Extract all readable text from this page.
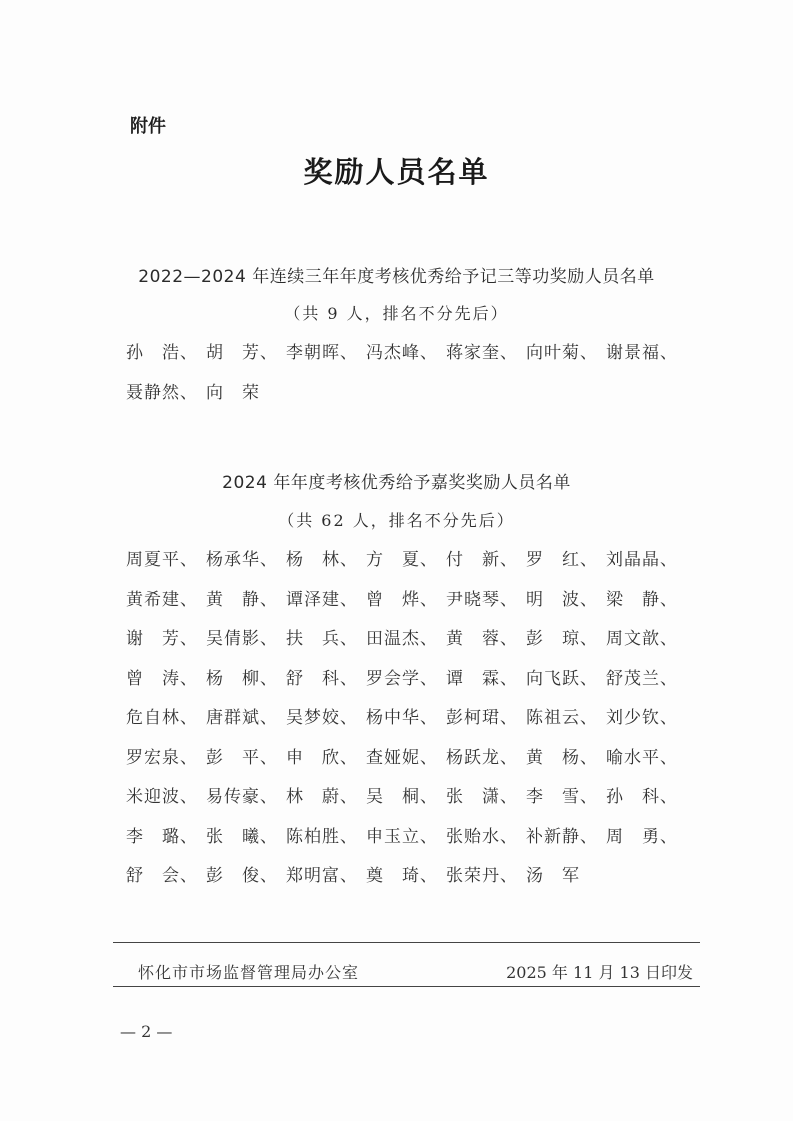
附件
奖励人员名单
2022—2024 年连续三年年度考核优秀给予记三等功奖励人员名单
（共 9 人，排名不分先后）
孙　浩、 胡　芳、 李朝晖、 冯杰峰、 蒋家奎、 向叶菊、 谢景福、
聂静然、 向　荣
2024 年年度考核优秀给予嘉奖奖励人员名单
（共 62 人，排名不分先后）
周夏平、 杨承华、 杨　林、 方　夏、 付　新、 罗　红、 刘晶晶、
黄希建、 黄　静、 谭泽建、 曾　烨、 尹晓琴、 明　波、 梁　静、
谢　芳、 吴倩影、 扶　兵、 田温杰、 黄　蓉、 彭　琼、 周文歆、
曾　涛、 杨　柳、 舒　科、 罗会学、 谭　霖、 向飞跃、 舒茂兰、
危自林、 唐群斌、 吴梦姣、 杨中华、 彭柯珺、 陈祖云、 刘少钦、
罗宏泉、 彭　平、 申　欣、 查娅妮、 杨跃龙、 黄　杨、 喻水平、
米迎波、 易传豪、 林　蔚、 吴　桐、 张　潇、 李　雪、 孙　科、
李　璐、 张　曦、 陈柏胜、 申玉立、 张贻水、 补新静、 周　勇、
舒　会、 彭　俊、 郑明富、 奠　琦、 张荣丹、 汤　军
怀化市市场监督管理局办公室	2025 年 11 月 13 日印发
— 2 —
